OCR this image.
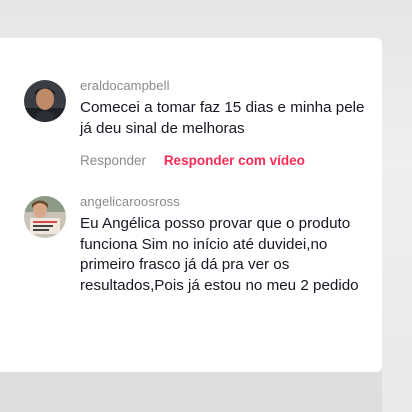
eraldocampbell
Comecei a tomar faz 15 dias e minha pele já deu sinal de melhoras
Responder Responder com vídeo
angelicaroosross
Eu Angélica posso provar que o produto funciona Sim no início até duvidei,no primeiro frasco já dá pra ver os resultados,Pois já estou no meu 2 pedido
